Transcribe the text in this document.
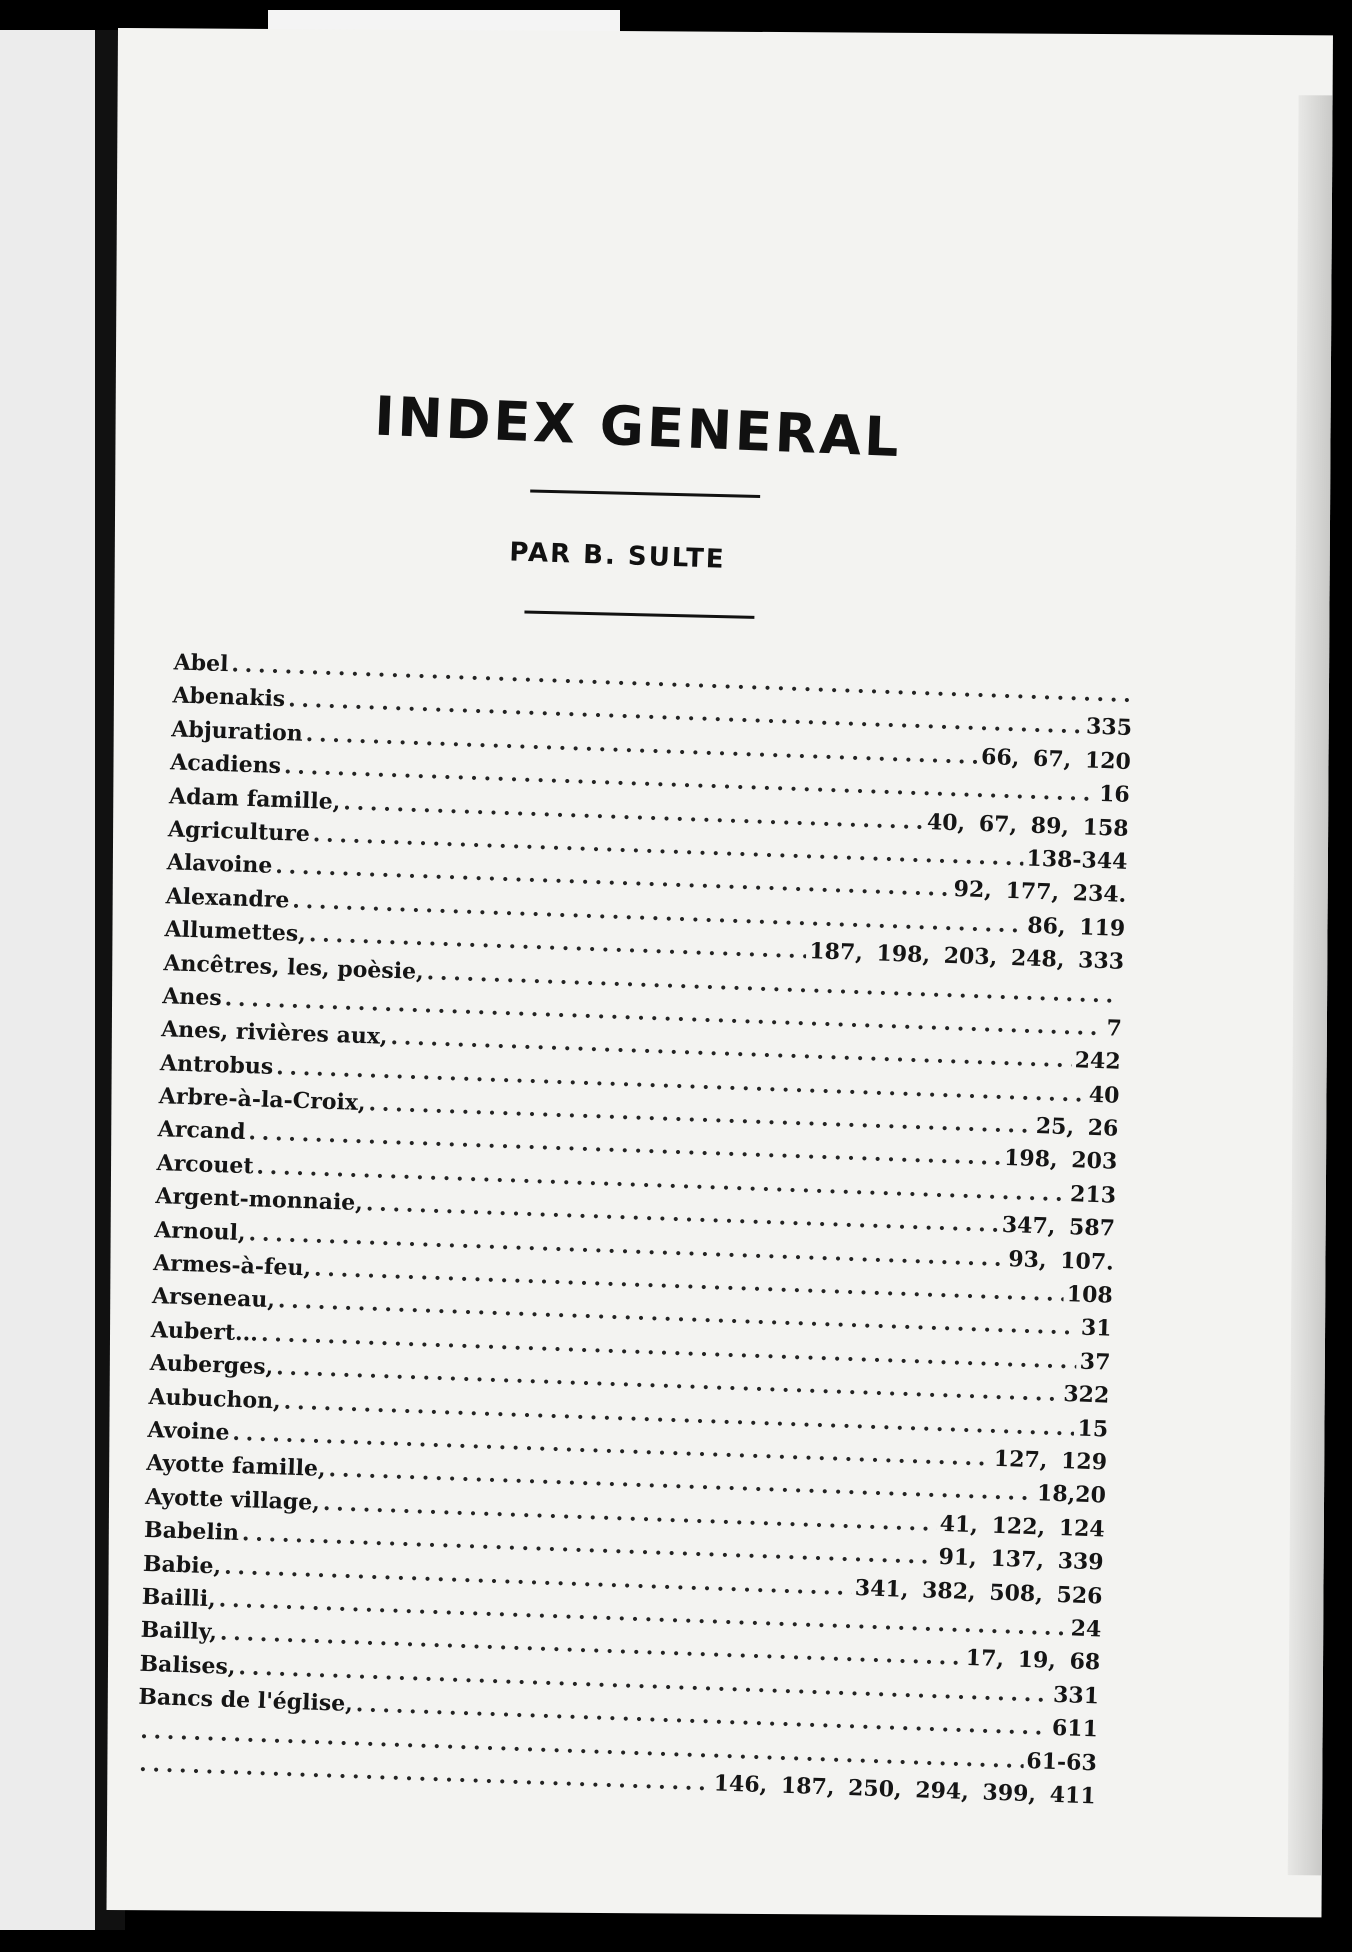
INDEX GENERAL
PAR B. SULTE
Abel
. . .
Abenakis
. . .
335
Abjuration
. . .
66, 67, 120
Acadiens
. . .
16
Adam famille,
. . .
40, 67, 89, 158
Agriculture
. . .
138-344
Alavoine
. . .
92, 177, 234.
Alexandre
. . .
86, 119
Allumettes,
. . .
187, 198, 203, 248, 333
Ancêtres, les, poèsie,
. . .
Anes
. . .
7
Anes, rivières aux,
. . .
242
Antrobus
. . .
40
Arbre-à-la-Croix,
. . .
25, 26
Arcand
. . .
198, 203
Arcouet
. . .
213
Argent-monnaie,
. . .
347, 587
Arnoul,
. . .
93, 107.
Armes-à-feu,
. . .
108
Arseneau,
. . .
31
Aubert...
. . .
37
Auberges,
. . .
322
Aubuchon,
. . .
15
Avoine
. . .
127, 129
Ayotte famille,
. . .
18,20
Ayotte village,
. . .
41, 122, 124
Babelin
. . .
91, 137, 339
Babie,
. . .
341, 382, 508, 526
Bailli,
. . .
24
Bailly,
. . .
17, 19, 68
Balises,
. . .
331
Bancs de l'église,
. . .
611
. . .
61-63
. . .
146, 187, 250, 294, 399, 411
